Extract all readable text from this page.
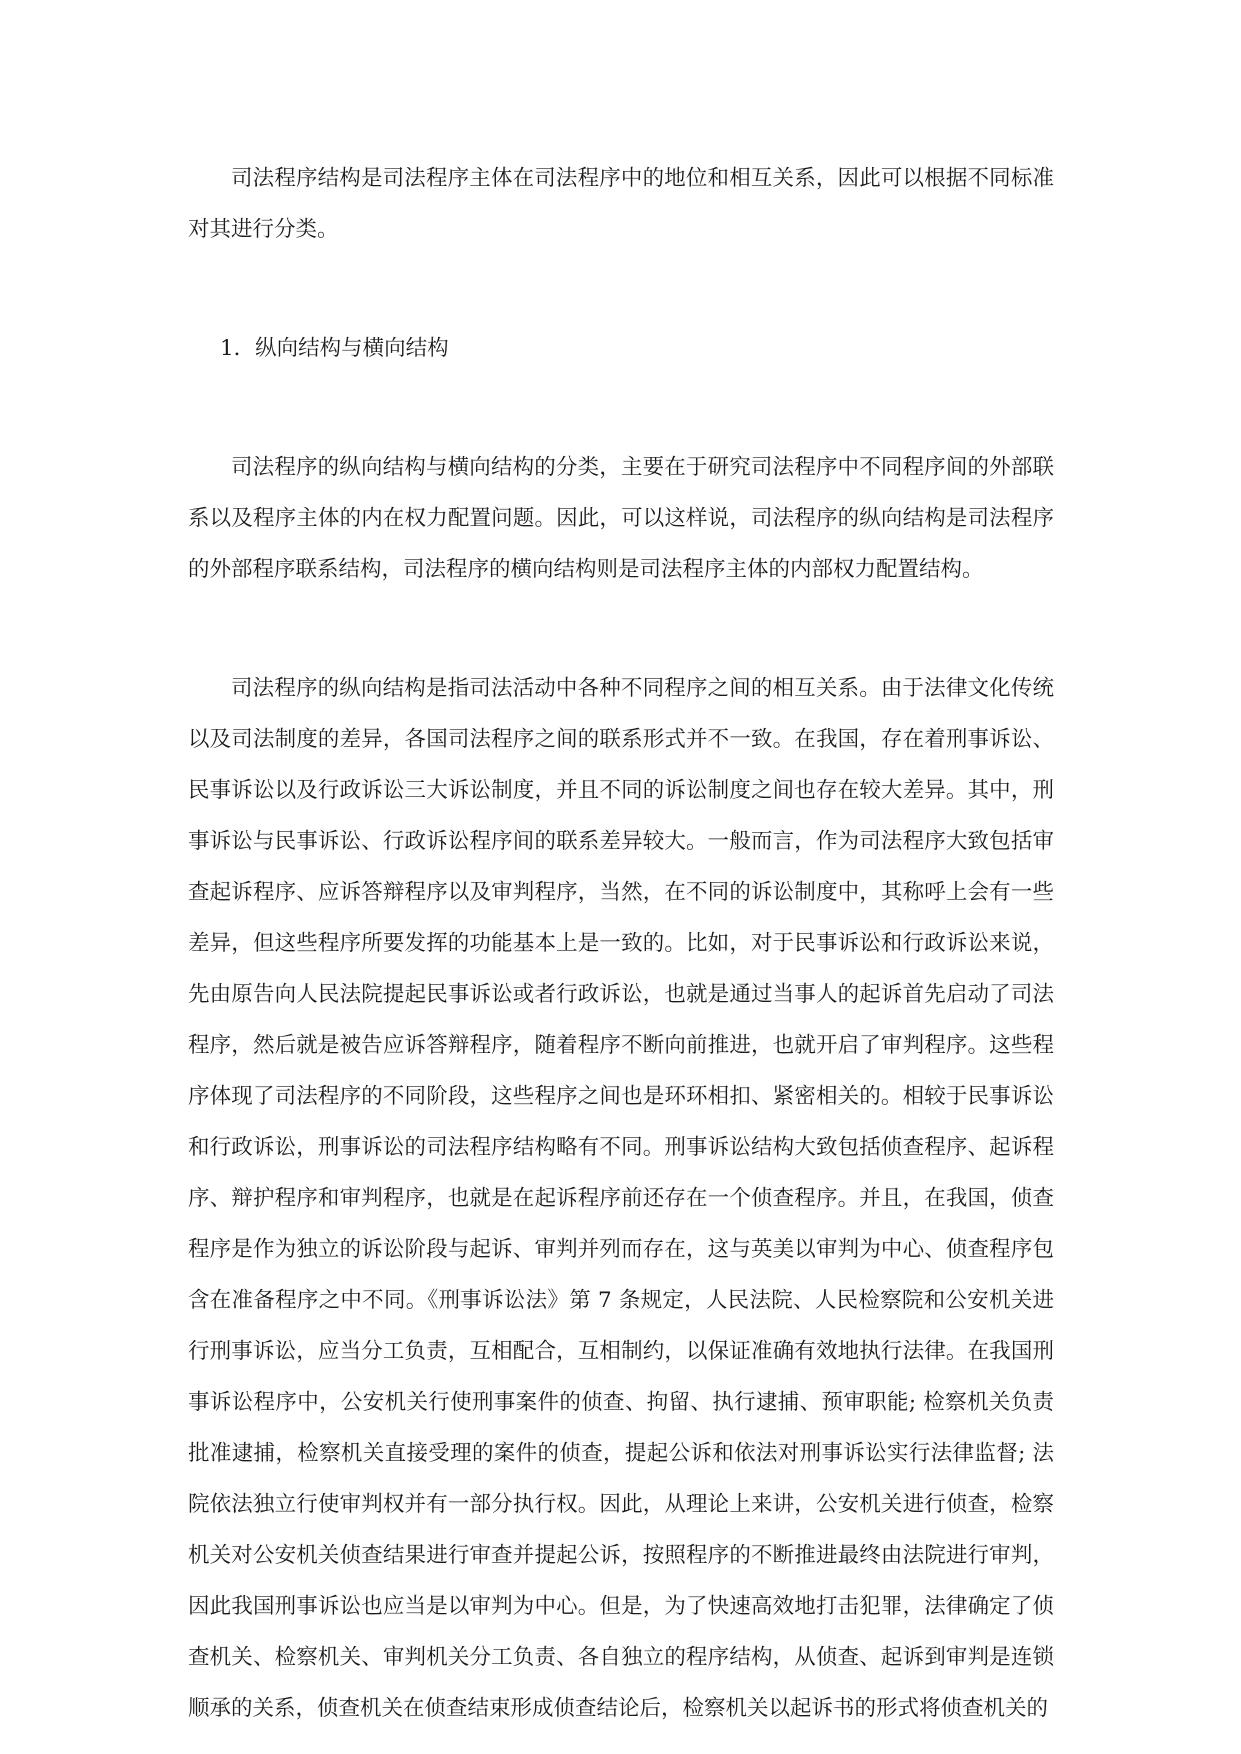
司法程序结构是司法程序主体在司法程序中的地位和相互关系，因此可以根据不同标准对其进行分类。

1．纵向结构与横向结构

司法程序的纵向结构与横向结构的分类，主要在于研究司法程序中不同程序间的外部联系以及程序主体的内在权力配置问题。因此，可以这样说，司法程序的纵向结构是司法程序的外部程序联系结构，司法程序的横向结构则是司法程序主体的内部权力配置结构。

司法程序的纵向结构是指司法活动中各种不同程序之间的相互关系。由于法律文化传统以及司法制度的差异，各国司法程序之间的联系形式并不一致。在我国，存在着刑事诉讼、民事诉讼以及行政诉讼三大诉讼制度，并且不同的诉讼制度之间也存在较大差异。其中，刑事诉讼与民事诉讼、行政诉讼程序间的联系差异较大。一般而言，作为司法程序大致包括审查起诉程序、应诉答辩程序以及审判程序，当然，在不同的诉讼制度中，其称呼上会有一些差异，但这些程序所要发挥的功能基本上是一致的。比如，对于民事诉讼和行政诉讼来说，先由原告向人民法院提起民事诉讼或者行政诉讼，也就是通过当事人的起诉首先启动了司法程序，然后就是被告应诉答辩程序，随着程序不断向前推进，也就开启了审判程序。这些程序体现了司法程序的不同阶段，这些程序之间也是环环相扣、紧密相关的。相较于民事诉讼和行政诉讼，刑事诉讼的司法程序结构略有不同。刑事诉讼结构大致包括侦查程序、起诉程序、辩护程序和审判程序，也就是在起诉程序前还存在一个侦查程序。并且，在我国，侦查程序是作为独立的诉讼阶段与起诉、审判并列而存在，这与英美以审判为中心、侦查程序包含在准备程序之中不同。《刑事诉讼法》第 7 条规定，人民法院、人民检察院和公安机关进行刑事诉讼，应当分工负责，互相配合，互相制约，以保证准确有效地执行法律。在我国刑事诉讼程序中，公安机关行使刑事案件的侦查、拘留、执行逮捕、预审职能; 检察机关负责批准逮捕，检察机关直接受理的案件的侦查，提起公诉和依法对刑事诉讼实行法律监督; 法院依法独立行使审判权并有一部分执行权。因此，从理论上来讲，公安机关进行侦查，检察机关对公安机关侦查结果进行审查并提起公诉，按照程序的不断推进最终由法院进行审判，因此我国刑事诉讼也应当是以审判为中心。但是，为了快速高效地打击犯罪，法律确定了侦查机关、检察机关、审判机关分工负责、各自独立的程序结构，从侦查、起诉到审判是连锁顺承的关系，侦查机关在侦查结束形成侦查结论后，检察机关以起诉书的形式将侦查机关的
